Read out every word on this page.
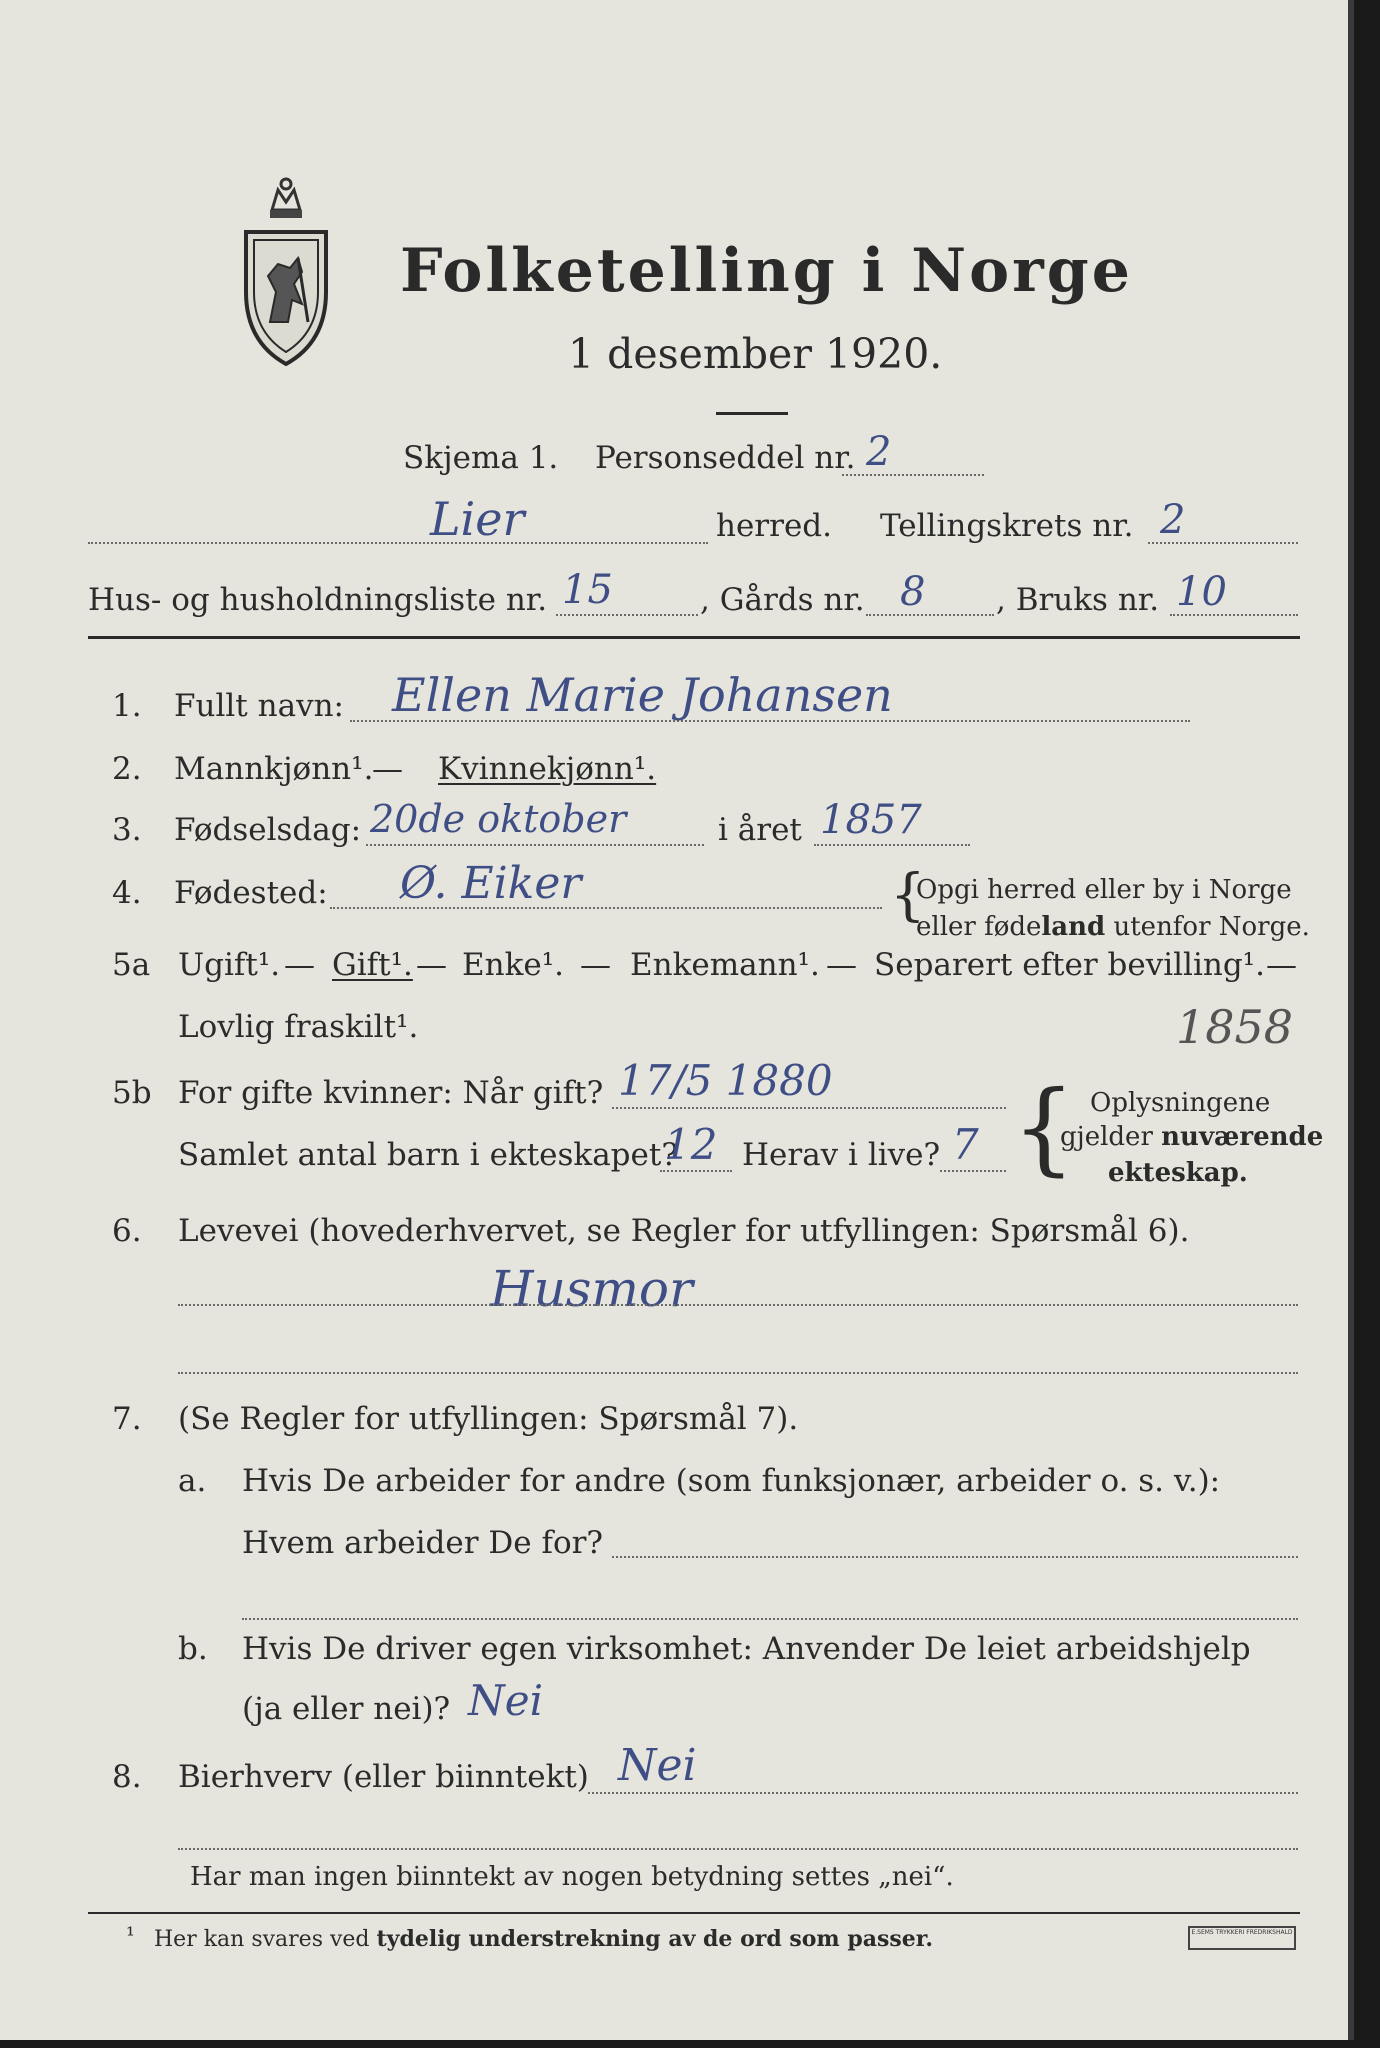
Folketelling i Norge
1 desember 1920.
Skjema 1. Personseddel nr. 2
Lier	herred. Tellingskrets nr. 2
Hus- og husholdningsliste nr. 15	, Gårds nr. 8 , Bruks nr. 10
1. Fullt navn: Ellen Marie Johansen
2. Mannkjønn¹.
— Kvinnekjønn¹.
3. Fødselsdag: 20de oktober	i året 1857
4. Fødested: Ø. Eiker	{
Opgi herred eller by i Norge
eller fødeland utenfor Norge.
5a Ugift¹. — Gift¹. — Enke¹. — Enkemann¹. — Separert efter bevilling¹. —
Lovlig fraskilt¹.	1858
5b For gifte kvinner: Når gift? 17/5 1880
Samlet antal barn i ekteskapet?
12 Herav i live? 7 { Oplysningene
gjelder nuværende
ekteskap.
6. Levevei (hovederhvervet, se Regler for utfyllingen: Spørsmål 6).
Husmor
7. (Se Regler for utfyllingen: Spørsmål 7).
a. Hvis De arbeider for andre (som funksjonær, arbeider o. s. v.):
Hvem arbeider De for?
b. Hvis De driver egen virksomhet: Anvender De leiet arbeidshjelp
(ja eller nei)? Nei
8. Bierhverv (eller biinntekt) Nei
Har man ingen biinntekt av nogen betydning settes „nei“.
¹ Her kan svares ved tydelig understrekning av de ord som passer.	E.SEMS TRYKKERI FREDRIKSHALD
